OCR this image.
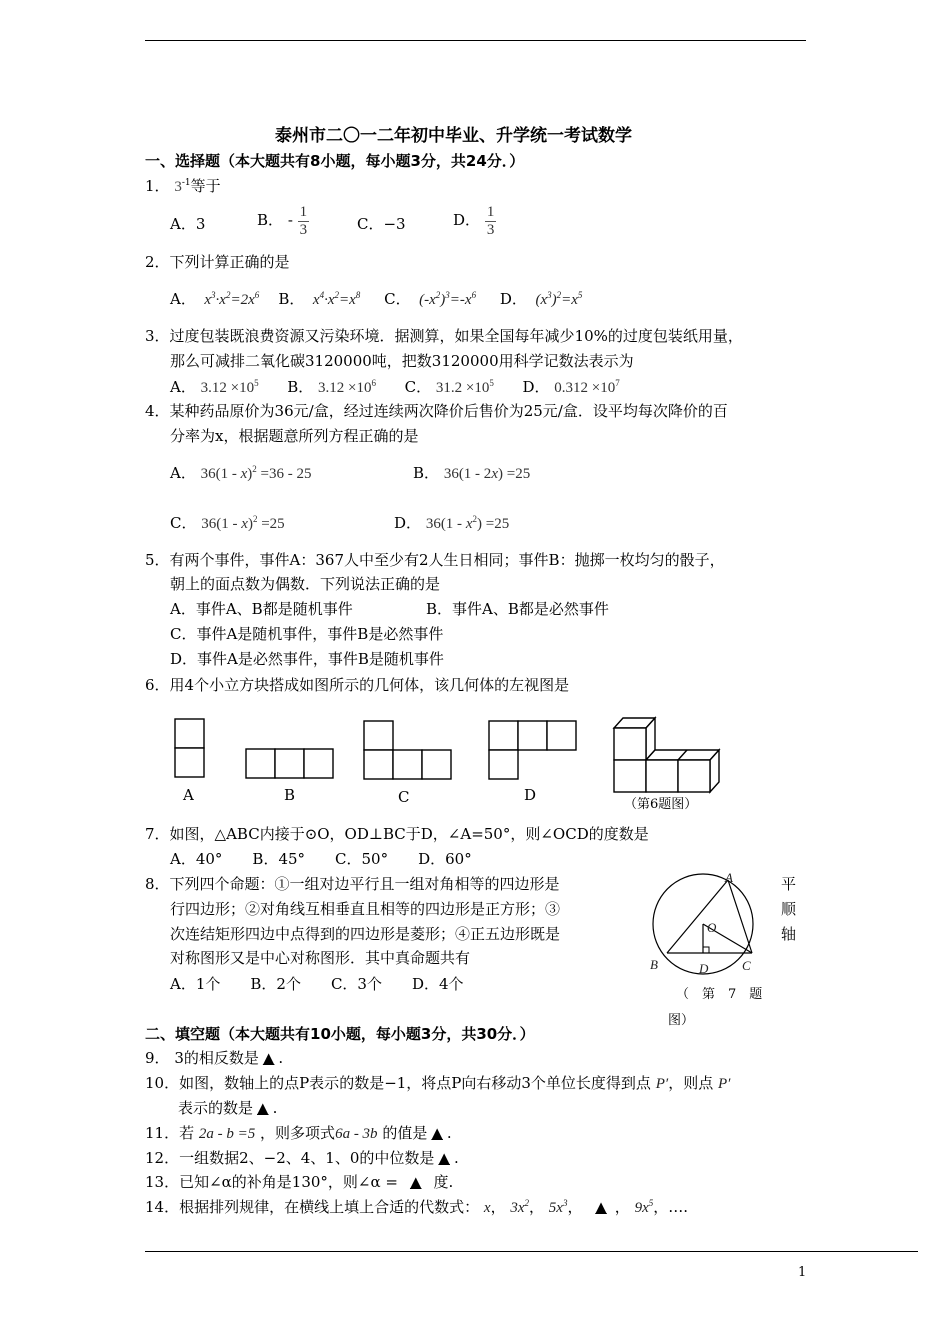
泰州市二〇一二年初中毕业、升学统一考试数学
一、选择题（本大题共有8小题，每小题3分，共24分．）
1． $3^{-1}$等于
A．3	B． - $\frac{1}{3}$	C．−3	D． $\frac{1}{3}$
2．下列计算正确的是
A．  $x^3\cdot x^2=2x^6$ B．  $x^4\cdot x^2=x^8$ C．  $(-x^2)^3=-x^6$ D．  $(x^3)^2=x^5$
3．过度包装既浪费资源又污染环境．据测算，如果全国每年减少10%的过度包装纸用量，
那么可减排二氧化碳3120000吨，把数3120000用科学记数法表示为
A． $3.12 \times 10^5$ B． $3.12 \times 10^6$ C． $31.2 \times 10^5$ D． $0.312 \times 10^7$
4．某种药品原价为36元/盒，经过连续两次降价后售价为25元/盒．设平均每次降价的百
分率为x，根据题意所列方程正确的是
A． 36(1 - x)$^2$ =36 - 25	B． 36(1 - 2x) =25
C． 36(1 - x)$^2$ =25	D． $36(1 - x^2) =25$
5．有两个事件，事件A：367人中至少有2人生日相同；事件B：抛掷一枚均匀的骰子，
朝上的面点数为偶数．下列说法正确的是
A．事件A、B都是随机事件	B．事件A、B都是必然事件
C．事件A是随机事件，事件B是必然事件
D．事件A是必然事件，事件B是随机事件
6．用4个小立方块搭成如图所示的几何体，该几何体的左视图是
A	B	C	D
（第6题图）
7．如图，△ABC内接于⊙O，OD⊥BC于D，∠A=50°，则∠OCD的度数是
A．40°　　B．45°　　C．50°　　D．60°
A
O
B	D	C
（　第　7　题
图）
8．下列四个命题：①一组对边平行且一组对角相等的四边形是	平
行四边形；②对角线互相垂直且相等的四边形是正方形；③	顺
次连结矩形四边中点得到的四边形是菱形；④正五边形既是	轴
对称图形又是中心对称图形．其中真命题共有
A．1个　　B．2个　　C．3个　　D．4个
二、填空题（本大题共有10小题，每小题3分，共30分．）
9． 3的相反数是 ▲ .
10．如图，数轴上的点P表示的数是−1，将点P向右移动3个单位长度得到点 P′，则点 P′
表示的数是 ▲ .
11．若 2a - b =5 ，则多项式6a - 3b 的值是 ▲ .
12．一组数据2、−2、4、1、0的中位数是 ▲ .
13．已知∠α的补角是130°，则∠α = ▲ 度.
14．根据排列规律，在横线上填上合适的代数式： x， $3x^2$， $5x^3$， ▲ ， $9x^5$，….
1
